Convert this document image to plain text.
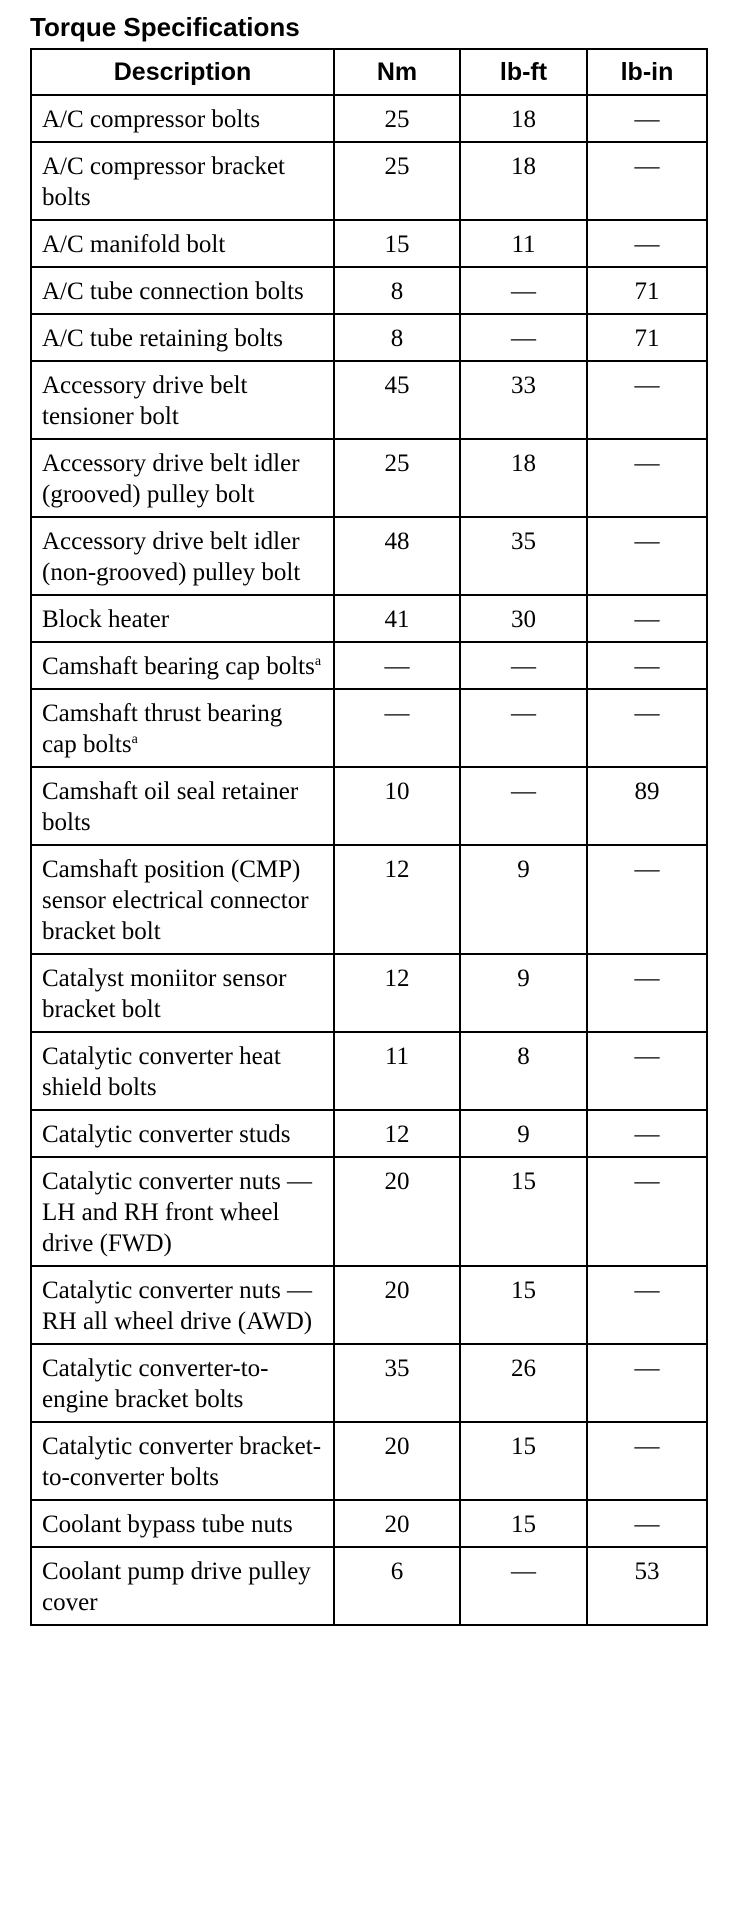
Torque Specifications
Description	Nm	lb-ft	lb-in
A/C compressor bolts	25	18	—
A/C compressor bracket bolts	25	18	—
A/C manifold bolt	15	11	—
A/C tube connection bolts	8	—	71
A/C tube retaining bolts	8	—	71
Accessory drive belt tensioner bolt	45	33	—
Accessory drive belt idler (grooved) pulley bolt	25	18	—
Accessory drive belt idler (non-grooved) pulley bolt	48	35	—
Block heater	41	30	—
Camshaft bearing cap bolts$^a$	—	—	—
Camshaft thrust bearing cap bolts$^a$	—	—	—
Camshaft oil seal retainer bolts	10	—	89
Camshaft position (CMP) sensor electrical connector bracket bolt	12	9	—
Catalyst moniitor sensor bracket bolt	12	9	—
Catalytic converter heat shield bolts	11	8	—
Catalytic converter studs	12	9	—
Catalytic converter nuts — LH and RH front wheel drive (FWD)	20	15	—
Catalytic converter nuts — RH all wheel drive (AWD)	20	15	—
Catalytic converter-to-engine bracket bolts	35	26	—
Catalytic converter bracket-to-converter bolts	20	15	—
Coolant bypass tube nuts	20	15	—
Coolant pump drive pulley cover	6	—	53
